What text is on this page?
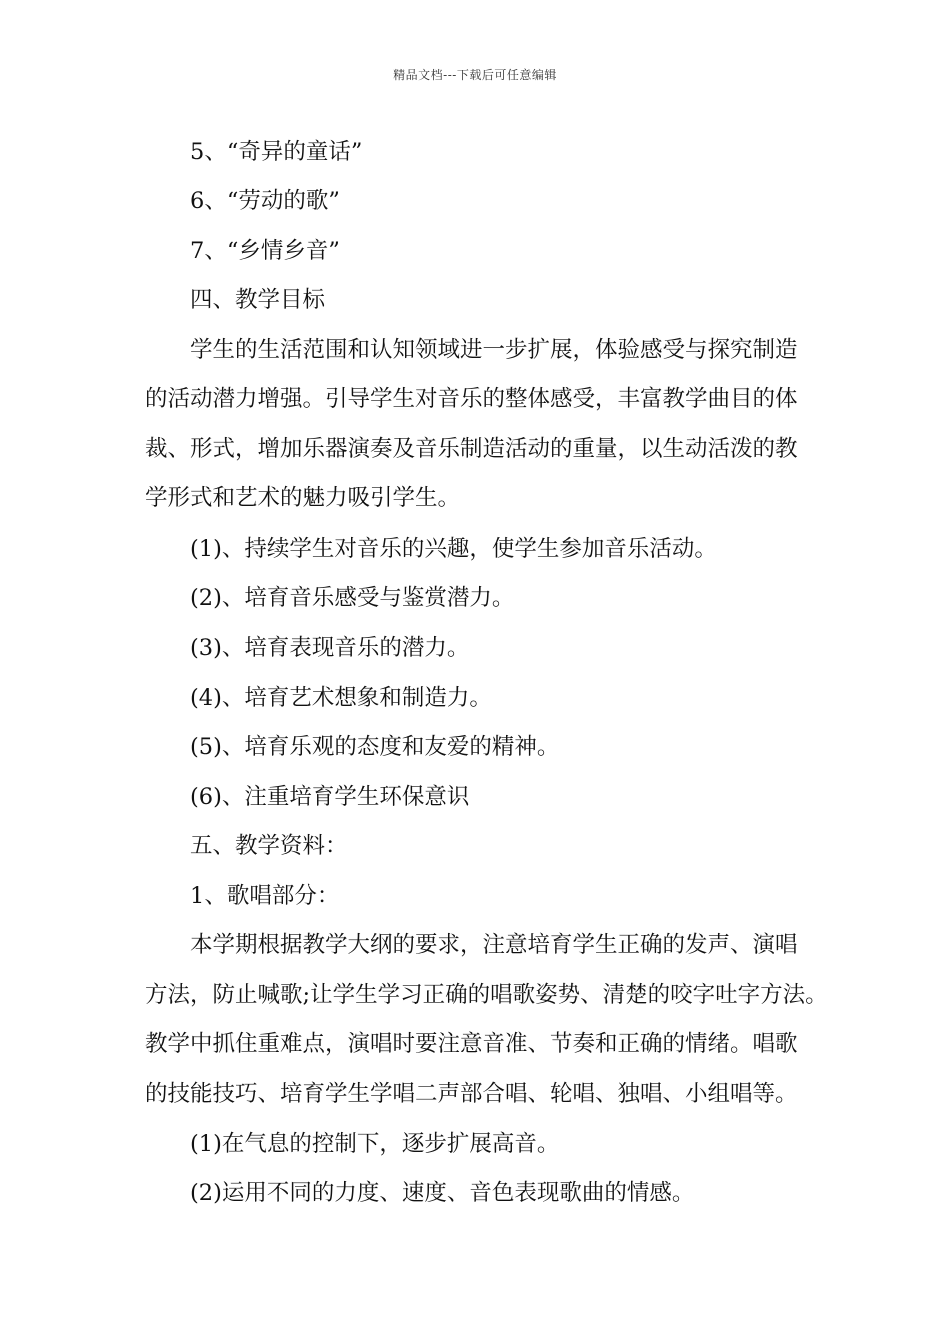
精品文档---下载后可任意编辑
5、“奇异的童话”
6、“劳动的歌”
7、“乡情乡音”
四、教学目标
学生的生活范围和认知领域进一步扩展，体验感受与探究制造
的活动潜力增强。引导学生对音乐的整体感受，丰富教学曲目的体
裁、形式，增加乐器演奏及音乐制造活动的重量，以生动活泼的教
学形式和艺术的魅力吸引学生。
(1)、持续学生对音乐的兴趣，使学生参加音乐活动。
(2)、培育音乐感受与鉴赏潜力。
(3)、培育表现音乐的潜力。
(4)、培育艺术想象和制造力。
(5)、培育乐观的态度和友爱的精神。
(6)、注重培育学生环保意识
五、教学资料：
1、歌唱部分：
本学期根据教学大纲的要求，注意培育学生正确的发声、演唱
方法，防止喊歌;让学生学习正确的唱歌姿势、清楚的咬字吐字方法。
教学中抓住重难点，演唱时要注意音准、节奏和正确的情绪。唱歌
的技能技巧、培育学生学唱二声部合唱、轮唱、独唱、小组唱等。
(1)在气息的控制下，逐步扩展高音。
(2)运用不同的力度、速度、音色表现歌曲的情感。
